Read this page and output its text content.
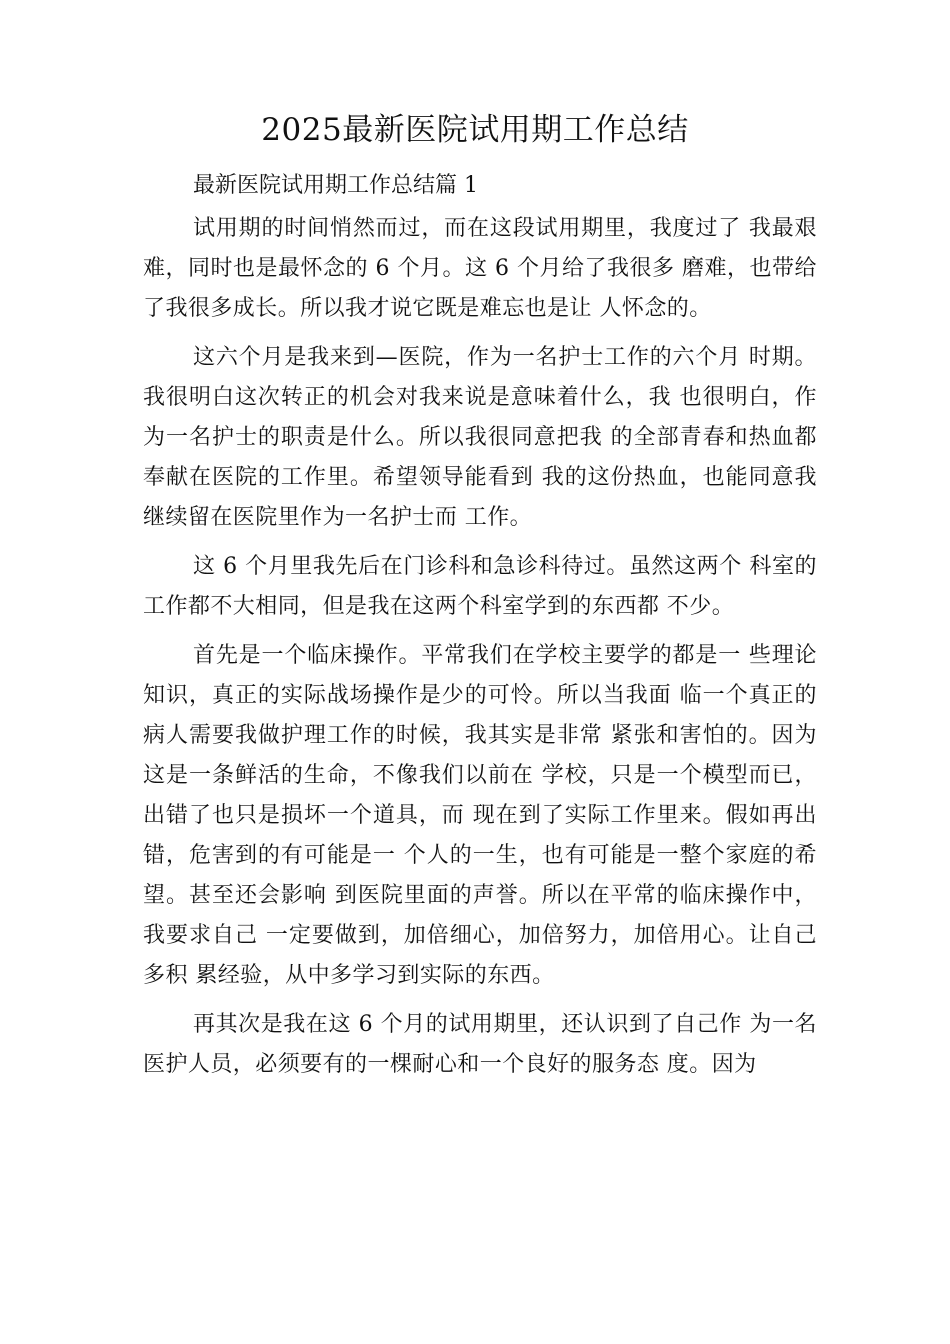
2025最新医院试用期工作总结
最新医院试用期工作总结篇 1

试用期的时间悄然而过，而在这段试用期里，我度过了 我最艰难，同时也是最怀念的 6 个月。这 6 个月给了我很多 磨难，也带给了我很多成长。所以我才说它既是难忘也是让 人怀念的。

这六个月是我来到—医院，作为一名护士工作的六个月 时期。我很明白这次转正的机会对我来说是意味着什么，我 也很明白，作为一名护士的职责是什么。所以我很同意把我 的全部青春和热血都奉献在医院的工作里。希望领导能看到 我的这份热血，也能同意我继续留在医院里作为一名护士而 工作。

这 6 个月里我先后在门诊科和急诊科待过。虽然这两个 科室的工作都不大相同，但是我在这两个科室学到的东西都 不少。

首先是一个临床操作。平常我们在学校主要学的都是一 些理论知识，真正的实际战场操作是少的可怜。所以当我面 临一个真正的病人需要我做护理工作的时候，我其实是非常 紧张和害怕的。因为这是一条鲜活的生命，不像我们以前在 学校，只是一个模型而已，出错了也只是损坏一个道具，而 现在到了实际工作里来。假如再出错，危害到的有可能是一 个人的一生，也有可能是一整个家庭的希望。甚至还会影响 到医院里面的声誉。所以在平常的临床操作中，我要求自己 一定要做到，加倍细心，加倍努力，加倍用心。让自己多积 累经验，从中多学习到实际的东西。

再其次是我在这 6 个月的试用期里，还认识到了自己作 为一名医护人员，必须要有的一棵耐心和一个良好的服务态 度。因为
